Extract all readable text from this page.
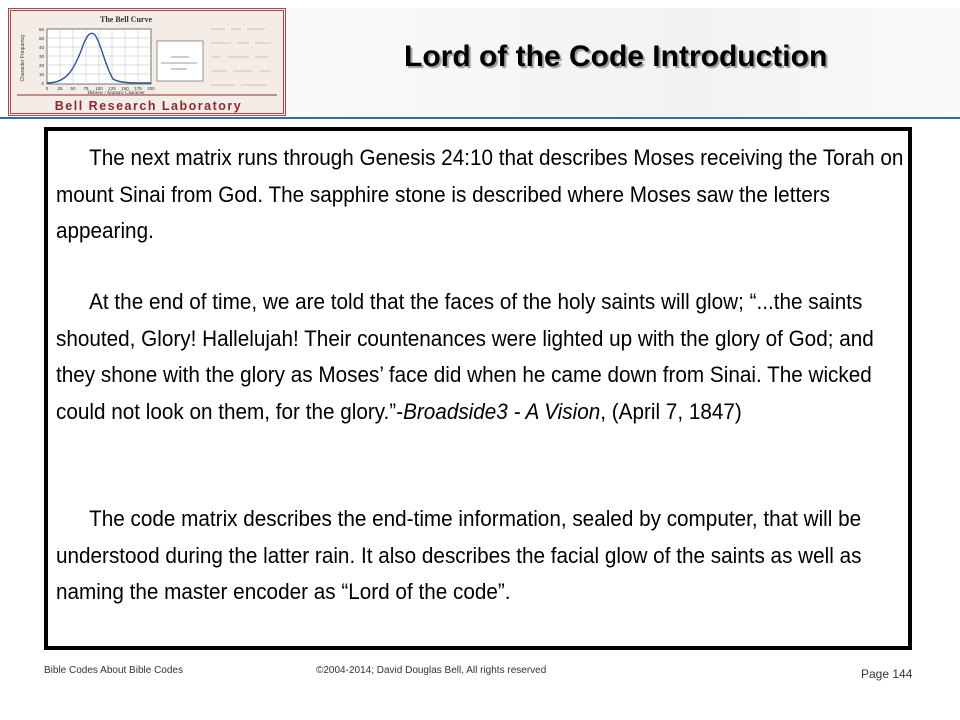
0 25 50 75 100 125 150 175 200
60
50
40
30
20
10
0
The Bell Curve
Character Frequency
Hebrew / Aramaic Character
Bell Research Laboratory
Lord of the Code Introduction

The next matrix runs through Genesis 24:10 that describes Moses receiving the Torah on mount Sinai from God. The sapphire stone is described where Moses saw the letters appearing.

At the end of time, we are told that the faces of the holy saints will glow; “...the saints shouted, Glory! Hallelujah! Their countenances were lighted up with the glory of God; and they shone with the glory as Moses’ face did when he came down from Sinai. The wicked could not look on them, for the glory.”-Broadside3 - A Vision, (April 7, 1847)

The code matrix describes the end-time information, sealed by computer, that will be understood during the latter rain. It also describes the facial glow of the saints as well as naming the master encoder as “Lord of the code”.

Bible Codes About Bible Codes	©2004-2014; David Douglas Bell, All rights reserved	Page 144
